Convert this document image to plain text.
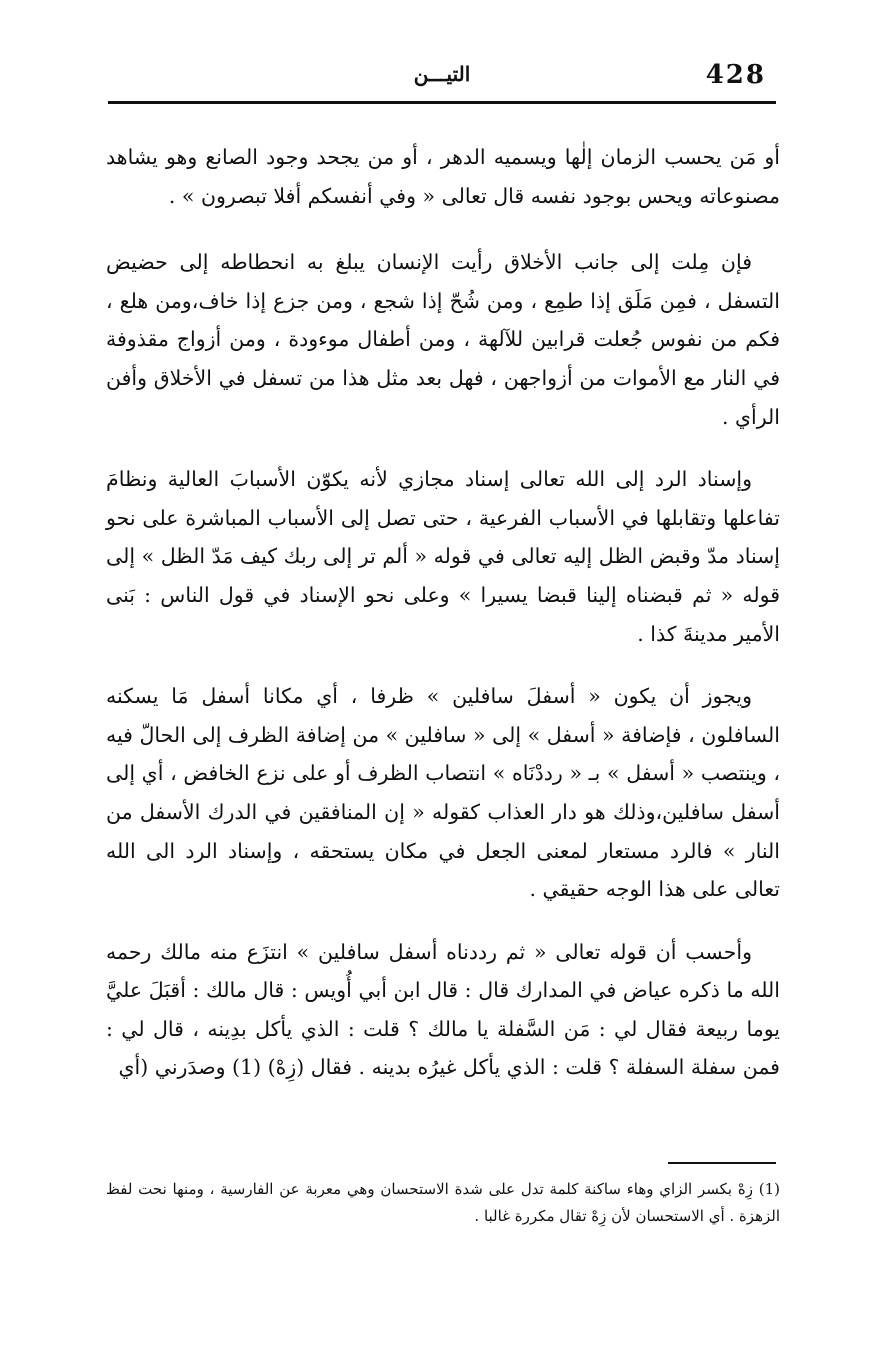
428
التيـــن

أو مَن يحسب الزمان إلٰها ويسميه الدهر ، أو من يجحد وجود الصانع وهو يشاهد مصنوعاته ويحس بوجود نفسه قال تعالى « وفي أنفسكم أفلا تبصرون » .

فإن مِلت إلى جانب الأخلاق رأيت الإنسان يبلغ به انحطاطه إلى حضيض التسفل ، فمِن مَلَق إذا طمِع ، ومن شُحّ إذا شجع ، ومن جزع إذا خاف،ومن هلع ، فكم من نفوس جُعلت قرابين للآلهة ، ومن أطفال موءودة ، ومن أزواج مقذوفة في النار مع الأموات من أزواجهن ، فهل بعد مثل هذا من تسفل في الأخلاق وأفن الرأي .

وإسناد الرد إلى الله تعالى إسناد مجازي لأنه يكوّن الأسبابَ العالية ونظامَ تفاعلها وتقابلها في الأسباب الفرعية ، حتى تصل إلى الأسباب المباشرة على نحو إسناد مدّ وقبض الظل إليه تعالى في قوله « ألم تر إلى ربك كيف مَدّ الظل » إلى قوله « ثم قبضناه إلينا قبضا يسيرا » وعلى نحو الإسناد في قول الناس : بَنى الأمير مدينةَ كذا .

ويجوز أن يكون « أسفلَ سافلين » ظرفا ، أي مكانا أسفل مَا يسكنه السافلون ، فإضافة « أسفل » إلى « سافلين » من إضافة الظرف إلى الحالّ فيه ، وينتصب « أسفل » بـ « رددْنَاه » انتصاب الظرف أو على نزع الخافض ، أي إلى أسفل سافلين،وذلك هو دار العذاب كقوله « إن المنافقين في الدرك الأسفل من النار » فالرد مستعار لمعنى الجعل في مكان يستحقه ، وإسناد الرد الى الله تعالى على هذا الوجه حقيقي .

وأحسب أن قوله تعالى « ثم رددناه أسفل سافلين » انتزَع منه مالك رحمه الله ما ذكره عياض في المدارك قال : قال ابن أبي أُويس : قال مالك : أقبَلَ عليَّ يوما ربيعة فقال لي : مَن السَّفلة يا مالك ؟ قلت : الذي يأكل بدِينه ، قال لي : فمن سفلة السفلة ؟ قلت : الذي يأكل غيرُه بدينه . فقال (زِهْ) (1) وصدَرني (أي

(1) زِهْ بكسر الزاي وهاء ساكنة كلمة تدل على شدة الاستحسان وهي معربة عن الفارسية ، ومنها نحت لفظ الزهزة . أي الاستحسان لأن زِهْ تقال مكررة غالبا .
